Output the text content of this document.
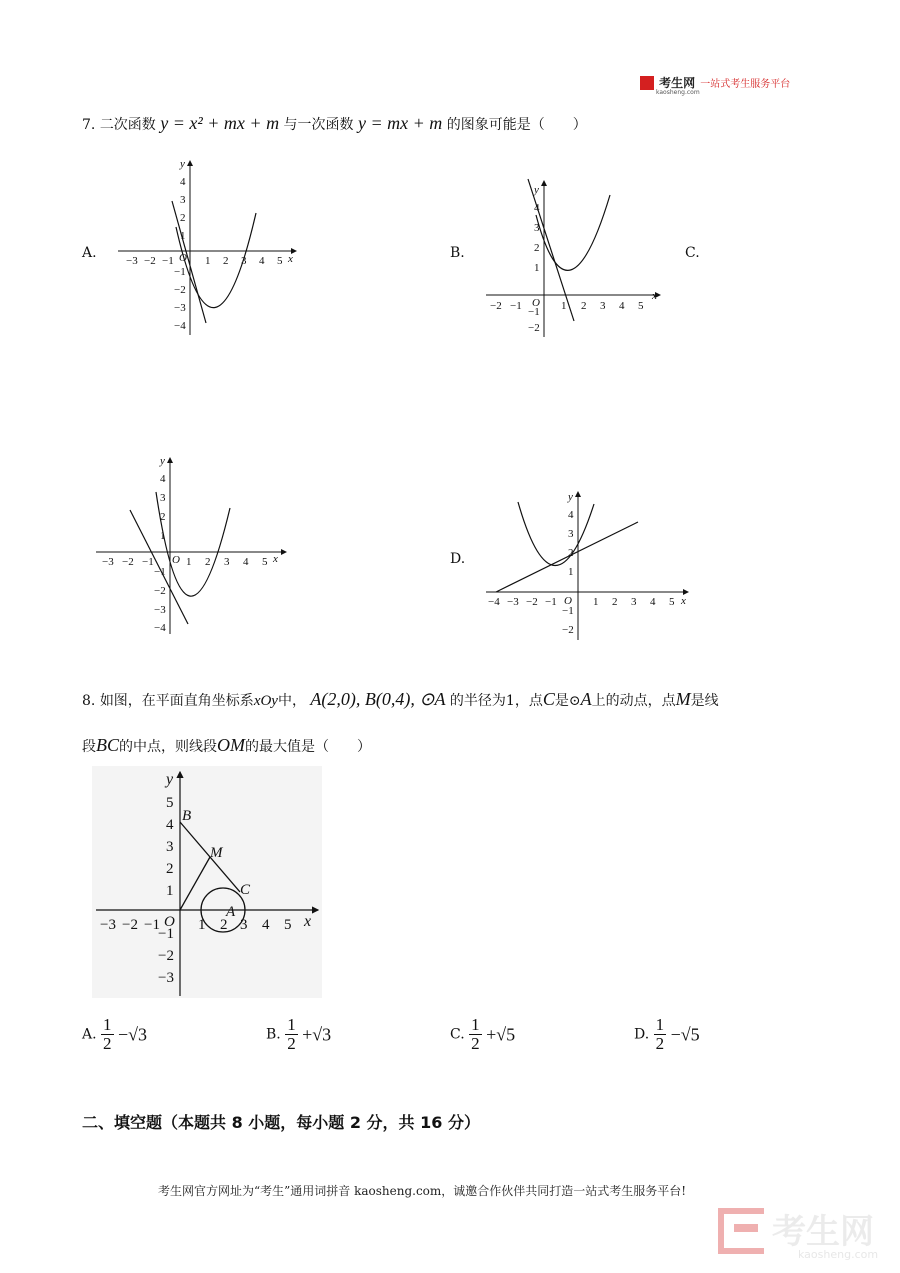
考生网 一站式考生服务平台
kaosheng.com
7. 二次函数 y = x² + mx + m 与一次函数 y = mx + m 的图象可能是（　　）
A.	B.	C.
D.
−3 −2 −1	1 2 3 4 5
4
3
2
1
−1
−2
−3
−4
O	x
y
−2 −1	1 2 3 4 5
4
3
2
1
−1
−2
O
x
y
−3 −2 −1	1 2 3 4 5
4
3
2
1
−1
−2
−3
−4
O	x
y
−4 −3 −2 −1	1 2 3 4 5
4
3
2
1
−1
−2
O	x
y
8. 如图，在平面直角坐标系xOy中， A(2,0), B(0,4), ⊙A 的半径为1，点C是⊙A上的动点，点M是线
段BC的中点，则线段OM的最大值是（　　）
−3 −2 −1	1 2 3 4 5
5
4
3
2
1
−1
−2
−3
O	x
y
B
M
C
A
A. $\frac{1}{2} -√3$	B. $\frac{1}{2} +√3$	C. $\frac{1}{2} +√5$	D. $\frac{1}{2} -√5$
二、填空题（本题共 8 小题，每小题 2 分，共 16 分）
考生网官方网址为“考生”通用词拼音 kaosheng.com，诚邀合作伙伴共同打造一站式考生服务平台!
考生网
kaosheng.com
